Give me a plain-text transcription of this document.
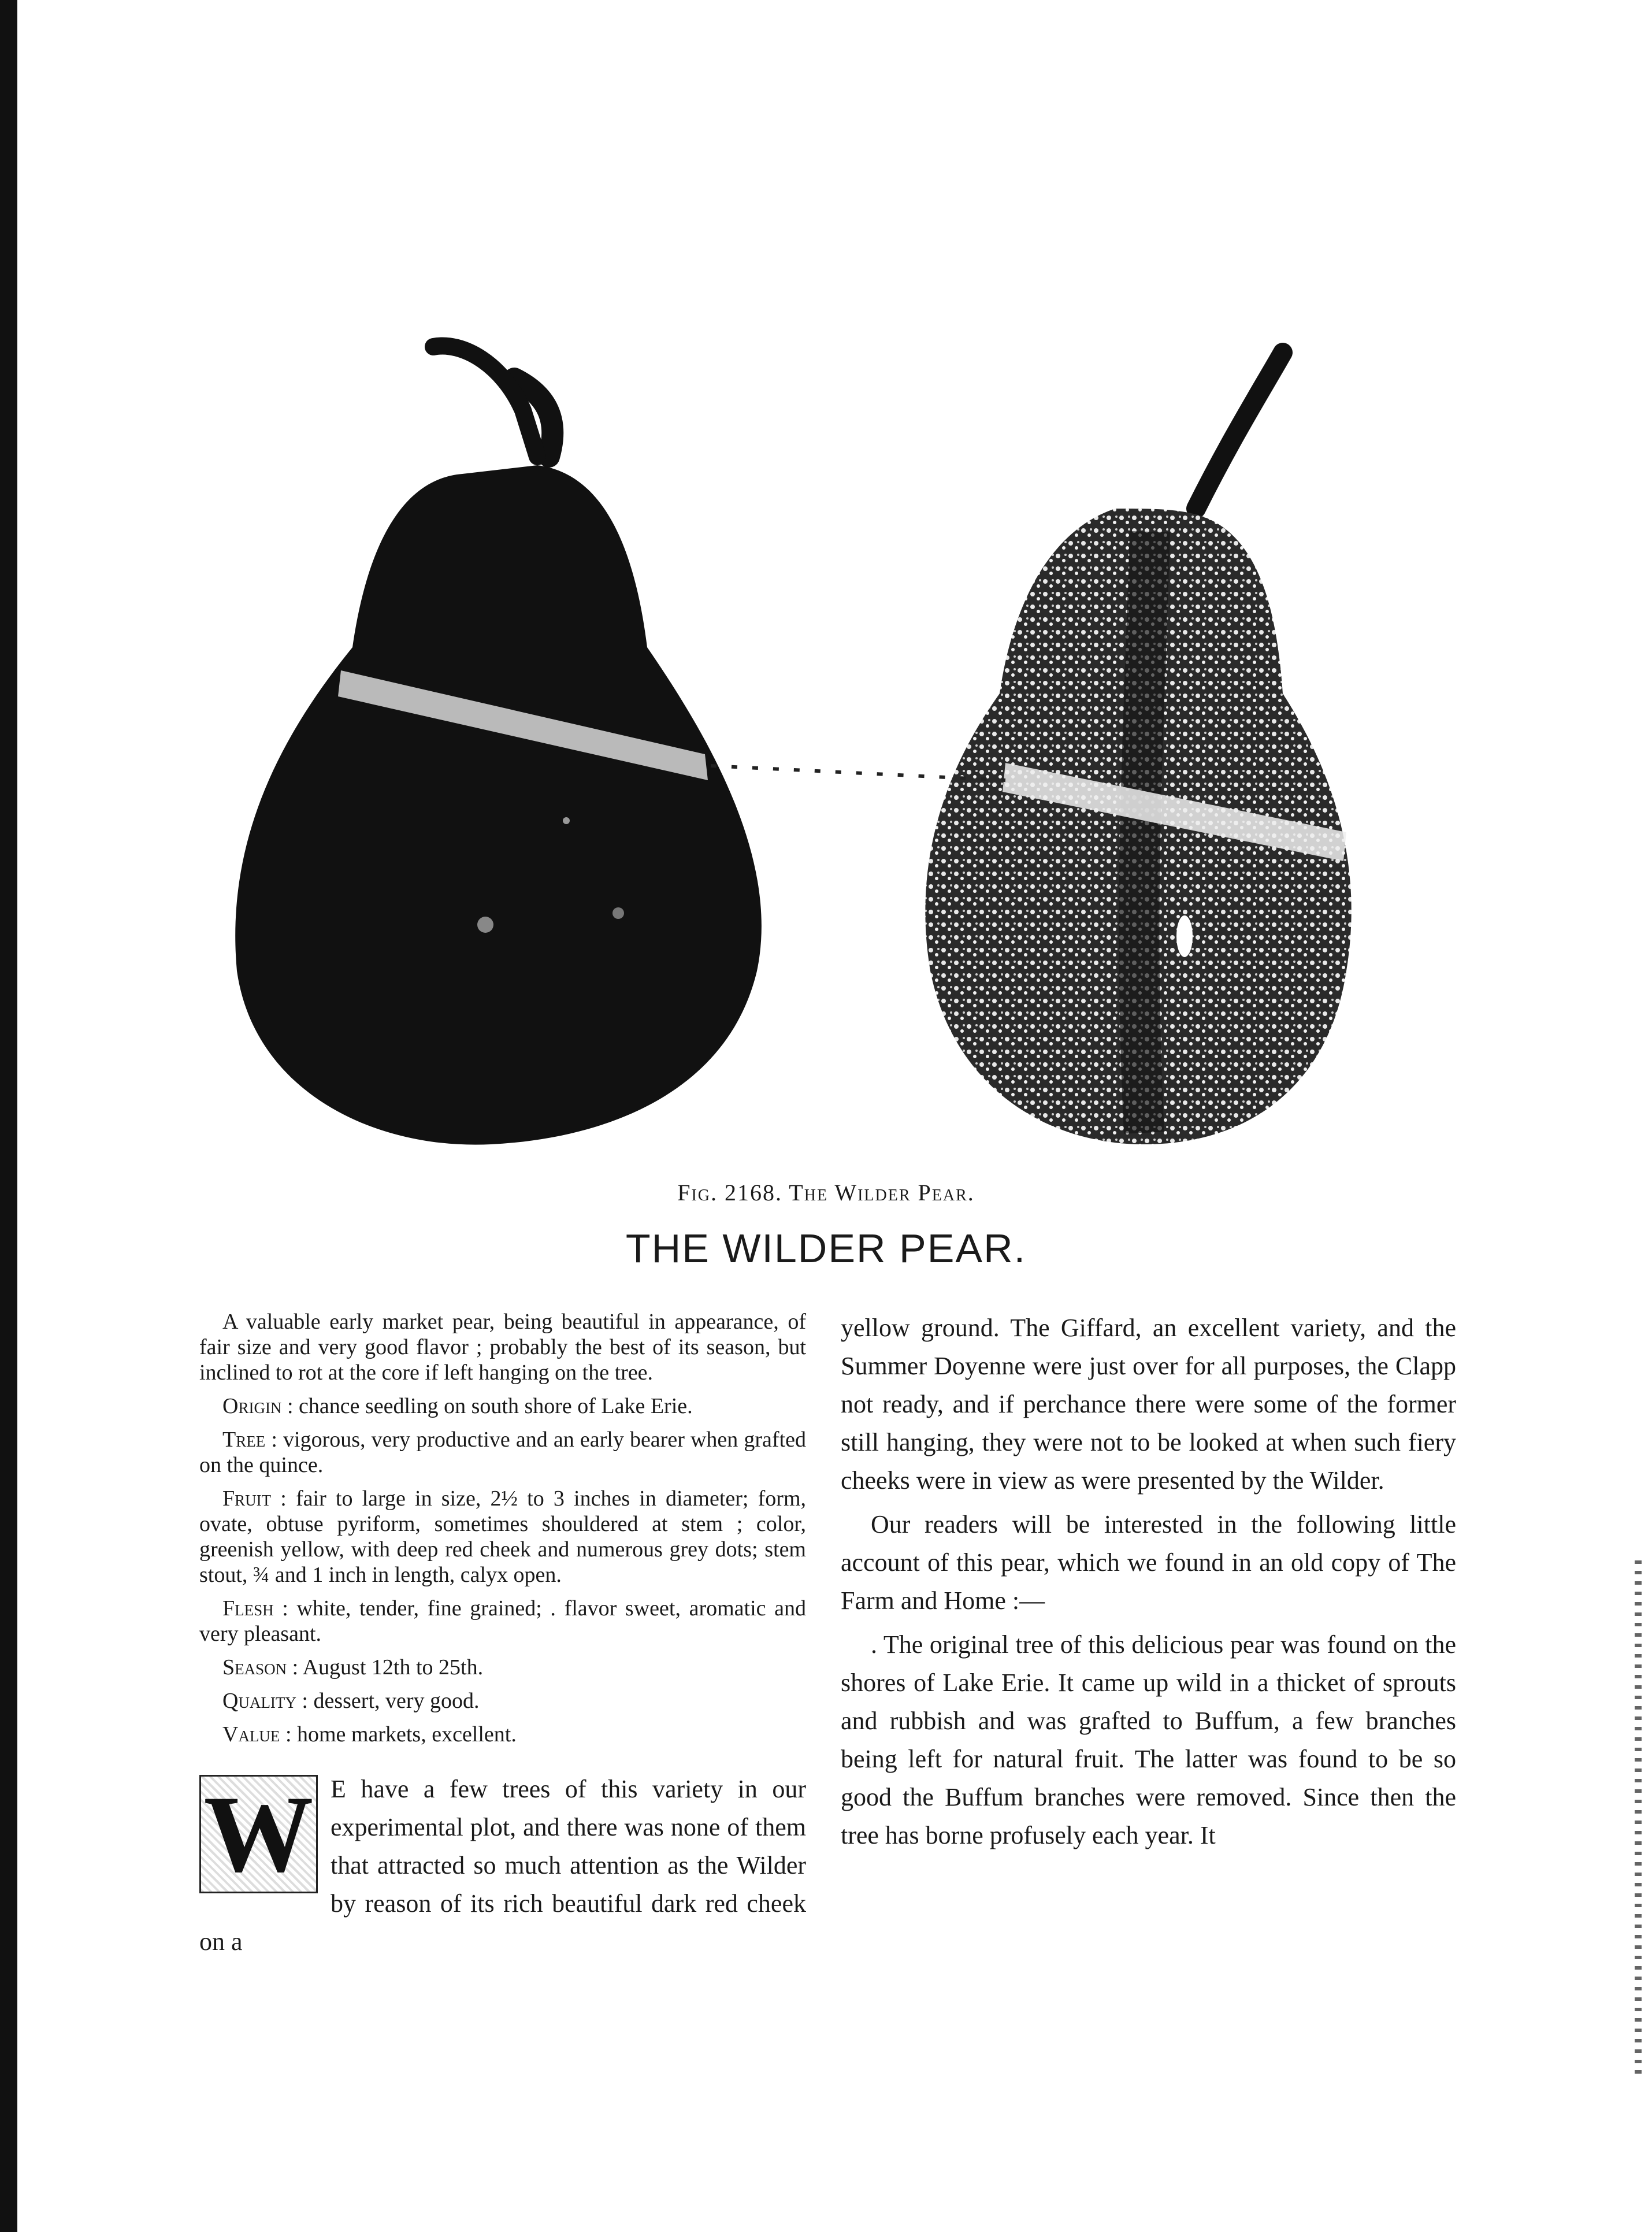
Fig. 2168. The Wilder Pear.
THE WILDER PEAR.

A valuable early market pear, being beautiful in appearance, of fair size and very good flavor ; probably the best of its season, but inclined to rot at the core if left hanging on the tree.

Origin : chance seedling on south shore of Lake Erie.

Tree : vigorous, very productive and an early bearer when grafted on the quince.

Fruit : fair to large in size, 2½ to 3 inches in diameter; form, ovate, obtuse pyriform, sometimes shouldered at stem ; color, greenish yellow, with deep red cheek and numerous grey dots; stem stout, ¾ and 1 inch in length, calyx open.

Flesh : white, tender, fine grained; . flavor sweet, aromatic and very pleasant.

Season : August 12th to 25th.

Quality : dessert, very good.

Value : home markets, excellent.

W E have a few trees of this variety in our experimental plot, and there was none of them that attracted so much attention as the Wilder by reason of its rich beautiful dark red cheek on a

yellow ground. The Giffard, an excellent variety, and the Summer Doyenne were just over for all purposes, the Clapp not ready, and if perchance there were some of the former still hanging, they were not to be looked at when such fiery cheeks were in view as were presented by the Wilder.

Our readers will be interested in the following little account of this pear, which we found in an old copy of The Farm and Home :—

. The original tree of this delicious pear was found on the shores of Lake Erie. It came up wild in a thicket of sprouts and rubbish and was grafted to Buffum, a few branches being left for natural fruit. The latter was found to be so good the Buffum branches were removed. Since then the tree has borne profusely each year. It
